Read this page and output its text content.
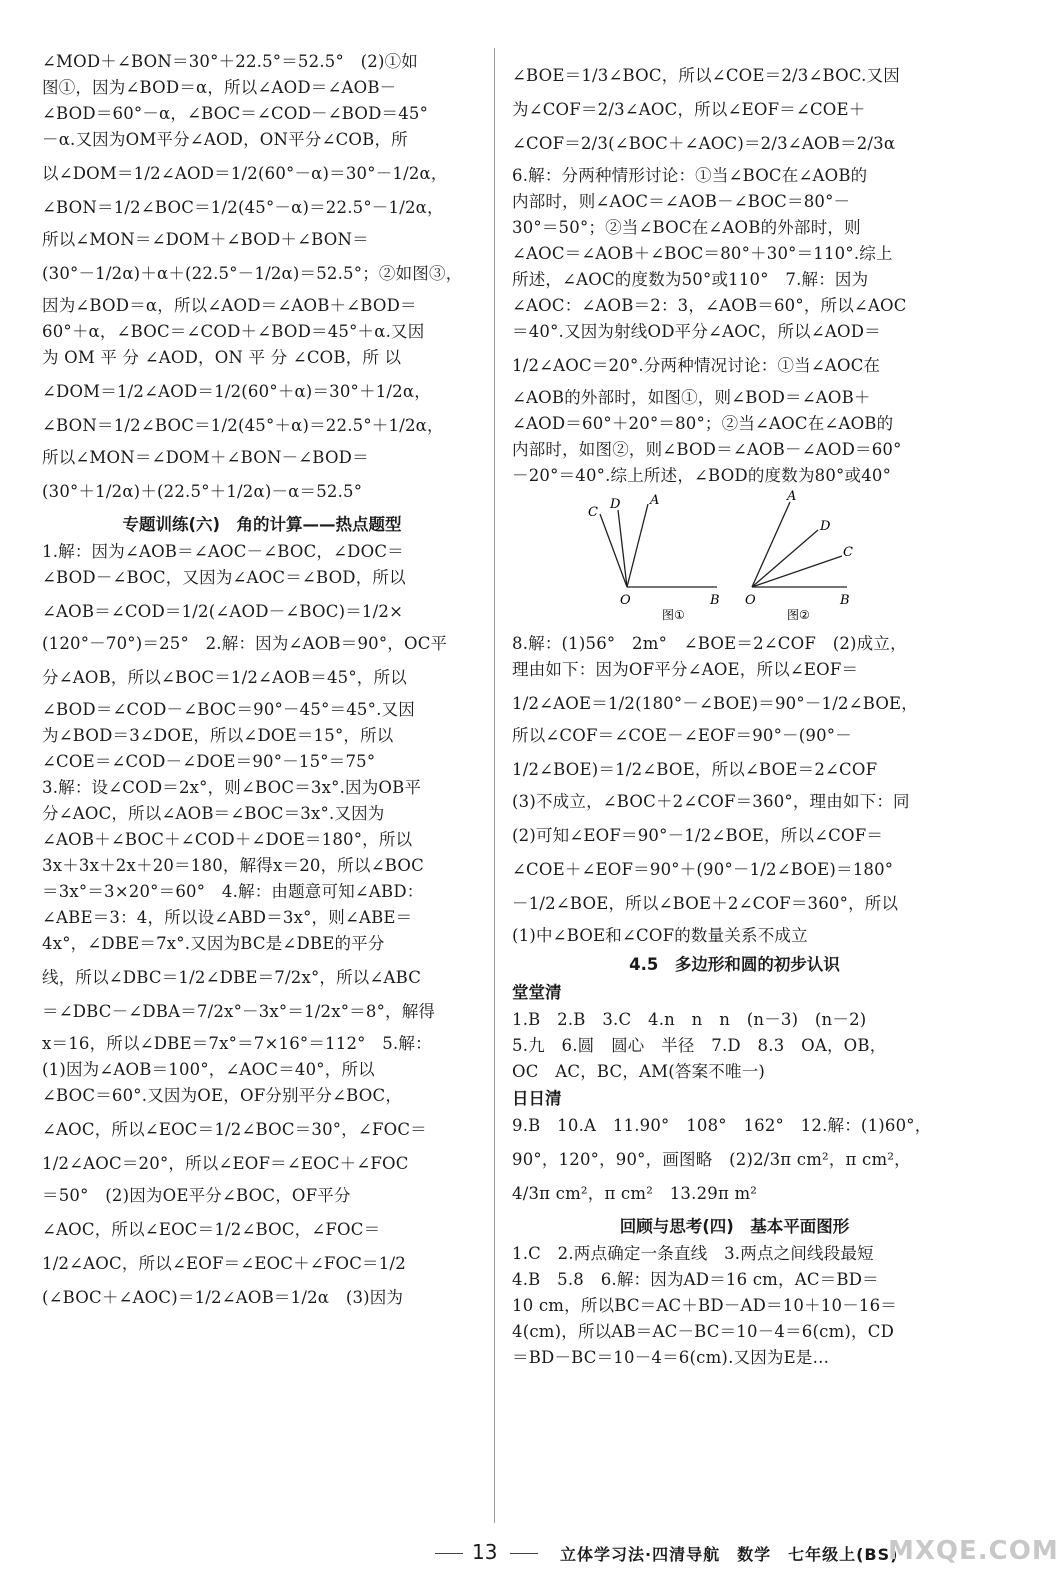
∠MOD＋∠BON＝30°＋22.5°＝52.5°　(2)①如
图①，因为∠BOD＝α，所以∠AOD＝∠AOB－
∠BOD＝60°－α，∠BOC＝∠COD－∠BOD＝45°
－α.又因为OM平分∠AOD，ON平分∠COB，所
以∠DOM＝1/2∠AOD＝1/2(60°－α)＝30°－1/2α，
∠BON＝1/2∠BOC＝1/2(45°－α)＝22.5°－1/2α，
所以∠MON＝∠DOM＋∠BOD＋∠BON＝
(30°－1/2α)＋α＋(22.5°－1/2α)＝52.5°；②如图③，
因为∠BOD＝α，所以∠AOD＝∠AOB＋∠BOD＝
60°＋α，∠BOC＝∠COD＋∠BOD＝45°＋α.又因
为 OM 平 分 ∠AOD，ON 平 分 ∠COB，所 以
∠DOM＝1/2∠AOD＝1/2(60°＋α)＝30°＋1/2α，
∠BON＝1/2∠BOC＝1/2(45°＋α)＝22.5°＋1/2α，
所以∠MON＝∠DOM＋∠BON－∠BOD＝
(30°＋1/2α)＋(22.5°＋1/2α)－α＝52.5°
专题训练(六)　角的计算——热点题型
1.解：因为∠AOB＝∠AOC－∠BOC，∠DOC＝
∠BOD－∠BOC，又因为∠AOC＝∠BOD，所以
∠AOB＝∠COD＝1/2(∠AOD－∠BOC)＝1/2×
(120°－70°)＝25°　2.解：因为∠AOB＝90°，OC平
分∠AOB，所以∠BOC＝1/2∠AOB＝45°，所以
∠BOD＝∠COD－∠BOC＝90°－45°＝45°.又因
为∠BOD＝3∠DOE，所以∠DOE＝15°，所以
∠COE＝∠COD－∠DOE＝90°－15°＝75°
3.解：设∠COD＝2x°，则∠BOC＝3x°.因为OB平
分∠AOC，所以∠AOB＝∠BOC＝3x°.又因为
∠AOB＋∠BOC＋∠COD＋∠DOE＝180°，所以
3x＋3x＋2x＋20＝180，解得x＝20，所以∠BOC
＝3x°＝3×20°＝60°　4.解：由题意可知∠ABD：
∠ABE＝3：4，所以设∠ABD＝3x°，则∠ABE＝
4x°，∠DBE＝7x°.又因为BC是∠DBE的平分
线，所以∠DBC＝1/2∠DBE＝7/2x°，所以∠ABC
＝∠DBC－∠DBA＝7/2x°－3x°＝1/2x°＝8°，解得
x＝16，所以∠DBE＝7x°＝7×16°＝112°　5.解：
(1)因为∠AOB＝100°，∠AOC＝40°，所以
∠BOC＝60°.又因为OE，OF分别平分∠BOC，
∠AOC，所以∠EOC＝1/2∠BOC＝30°，∠FOC＝
1/2∠AOC＝20°，所以∠EOF＝∠EOC＋∠FOC
＝50°　(2)因为OE平分∠BOC，OF平分
∠AOC，所以∠EOC＝1/2∠BOC，∠FOC＝
1/2∠AOC，所以∠EOF＝∠EOC＋∠FOC＝1/2
(∠BOC＋∠AOC)＝1/2∠AOB＝1/2α　(3)因为
∠BOE＝1/3∠BOC，所以∠COE＝2/3∠BOC.又因
为∠COF＝2/3∠AOC，所以∠EOF＝∠COE＋
∠COF＝2/3(∠BOC＋∠AOC)＝2/3∠AOB＝2/3α
6.解：分两种情形讨论：①当∠BOC在∠AOB的
内部时，则∠AOC＝∠AOB－∠BOC＝80°－
30°＝50°；②当∠BOC在∠AOB的外部时，则
∠AOC＝∠AOB＋∠BOC＝80°＋30°＝110°.综上
所述，∠AOC的度数为50°或110°　7.解：因为
∠AOC：∠AOB＝2：3，∠AOB＝60°，所以∠AOC
＝40°.又因为射线OD平分∠AOC，所以∠AOD＝
1/2∠AOC＝20°.分两种情况讨论：①当∠AOC在
∠AOB的外部时，如图①，则∠BOD＝∠AOB＋
∠AOD＝60°＋20°＝80°；②当∠AOC在∠AOB的
内部时，如图②，则∠BOD＝∠AOB－∠AOD＝60°
－20°＝40°.综上所述，∠BOD的度数为80°或40°
C
D A
O	B
图①
A
D
C
O	B
图②
8.解：(1)56°　2m°　∠BOE＝2∠COF　(2)成立，
理由如下：因为OF平分∠AOE，所以∠EOF＝
1/2∠AOE＝1/2(180°－∠BOE)＝90°－1/2∠BOE，
所以∠COF＝∠COE－∠EOF＝90°－(90°－
1/2∠BOE)＝1/2∠BOE，所以∠BOE＝2∠COF
(3)不成立，∠BOC＋2∠COF＝360°，理由如下：同
(2)可知∠EOF＝90°－1/2∠BOE，所以∠COF＝
∠COE＋∠EOF＝90°＋(90°－1/2∠BOE)＝180°
－1/2∠BOE，所以∠BOE＋2∠COF＝360°，所以
(1)中∠BOE和∠COF的数量关系不成立
4.5　多边形和圆的初步认识
堂堂清
1.B　2.B　3.C　4.n　n　n　(n－3)　(n－2)
5.九　6.圆　圆心　半径　7.D　8.3　OA，OB，
OC　AC，BC，AM(答案不唯一)
日日清
9.B　10.A　11.90°　108°　162°　12.解：(1)60°，
90°，120°，90°，画图略　(2)2/3π cm²，π cm²，
4/3π cm²，π cm²　13.29π m²
回顾与思考(四)　基本平面图形
1.C　2.两点确定一条直线　3.两点之间线段最短
4.B　5.8　6.解：因为AD＝16 cm，AC＝BD＝
10 cm，所以BC＝AC＋BD－AD＝10＋10－16＝
4(cm)，所以AB＝AC－BC＝10－4＝6(cm)，CD
＝BD－BC＝10－4＝6(cm).又因为E是…
13	立体学习法·四清导航　数学　七年级上(BS)
MXQE.COM
